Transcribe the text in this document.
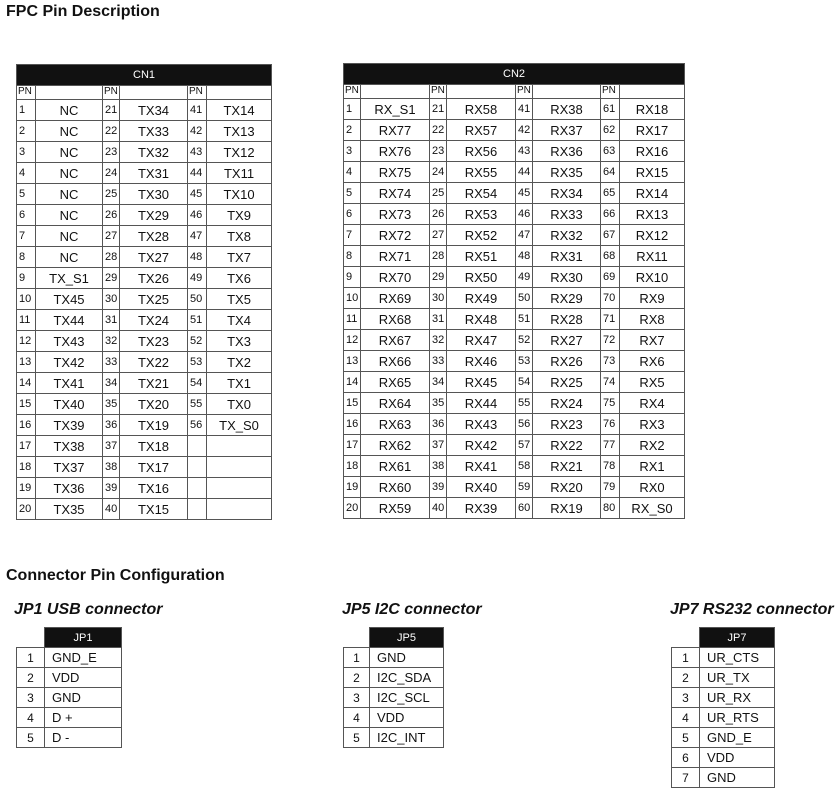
FPC Pin Description
CN1					
PN		PN		PN	
1	NC	21	TX34	41	TX14
2	NC	22	TX33	42	TX13
3	NC	23	TX32	43	TX12
4	NC	24	TX31	44	TX11
5	NC	25	TX30	45	TX10
6	NC	26	TX29	46	TX9
7	NC	27	TX28	47	TX8
8	NC	28	TX27	48	TX7
9	TX_S1	29	TX26	49	TX6
10	TX45	30	TX25	50	TX5
11	TX44	31	TX24	51	TX4
12	TX43	32	TX23	52	TX3
13	TX42	33	TX22	53	TX2
14	TX41	34	TX21	54	TX1
15	TX40	35	TX20	55	TX0
16	TX39	36	TX19	56	TX_S0
17	TX38	37	TX18		
18	TX37	38	TX17		
19	TX36	39	TX16		
20	TX35	40	TX15		
CN2							
PN		PN		PN		PN	
1	RX_S1	21	RX58	41	RX38	61	RX18
2	RX77	22	RX57	42	RX37	62	RX17
3	RX76	23	RX56	43	RX36	63	RX16
4	RX75	24	RX55	44	RX35	64	RX15
5	RX74	25	RX54	45	RX34	65	RX14
6	RX73	26	RX53	46	RX33	66	RX13
7	RX72	27	RX52	47	RX32	67	RX12
8	RX71	28	RX51	48	RX31	68	RX11
9	RX70	29	RX50	49	RX30	69	RX10
10	RX69	30	RX49	50	RX29	70	RX9
11	RX68	31	RX48	51	RX28	71	RX8
12	RX67	32	RX47	52	RX27	72	RX7
13	RX66	33	RX46	53	RX26	73	RX6
14	RX65	34	RX45	54	RX25	74	RX5
15	RX64	35	RX44	55	RX24	75	RX4
16	RX63	36	RX43	56	RX23	76	RX3
17	RX62	37	RX42	57	RX22	77	RX2
18	RX61	38	RX41	58	RX21	78	RX1
19	RX60	39	RX40	59	RX20	79	RX0
20	RX59	40	RX39	60	RX19	80	RX_S0
Connector Pin Configuration
JP1 USB connector	JP5 I2C connector	JP7 RS232 connector
	JP1
1	GND_E
2	VDD
3	GND
4	D +
5	D -
	JP5
1	GND
2	I2C_SDA
3	I2C_SCL
4	VDD
5	I2C_INT
	JP7
1	UR_CTS
2	UR_TX
3	UR_RX
4	UR_RTS
5	GND_E
6	VDD
7	GND
